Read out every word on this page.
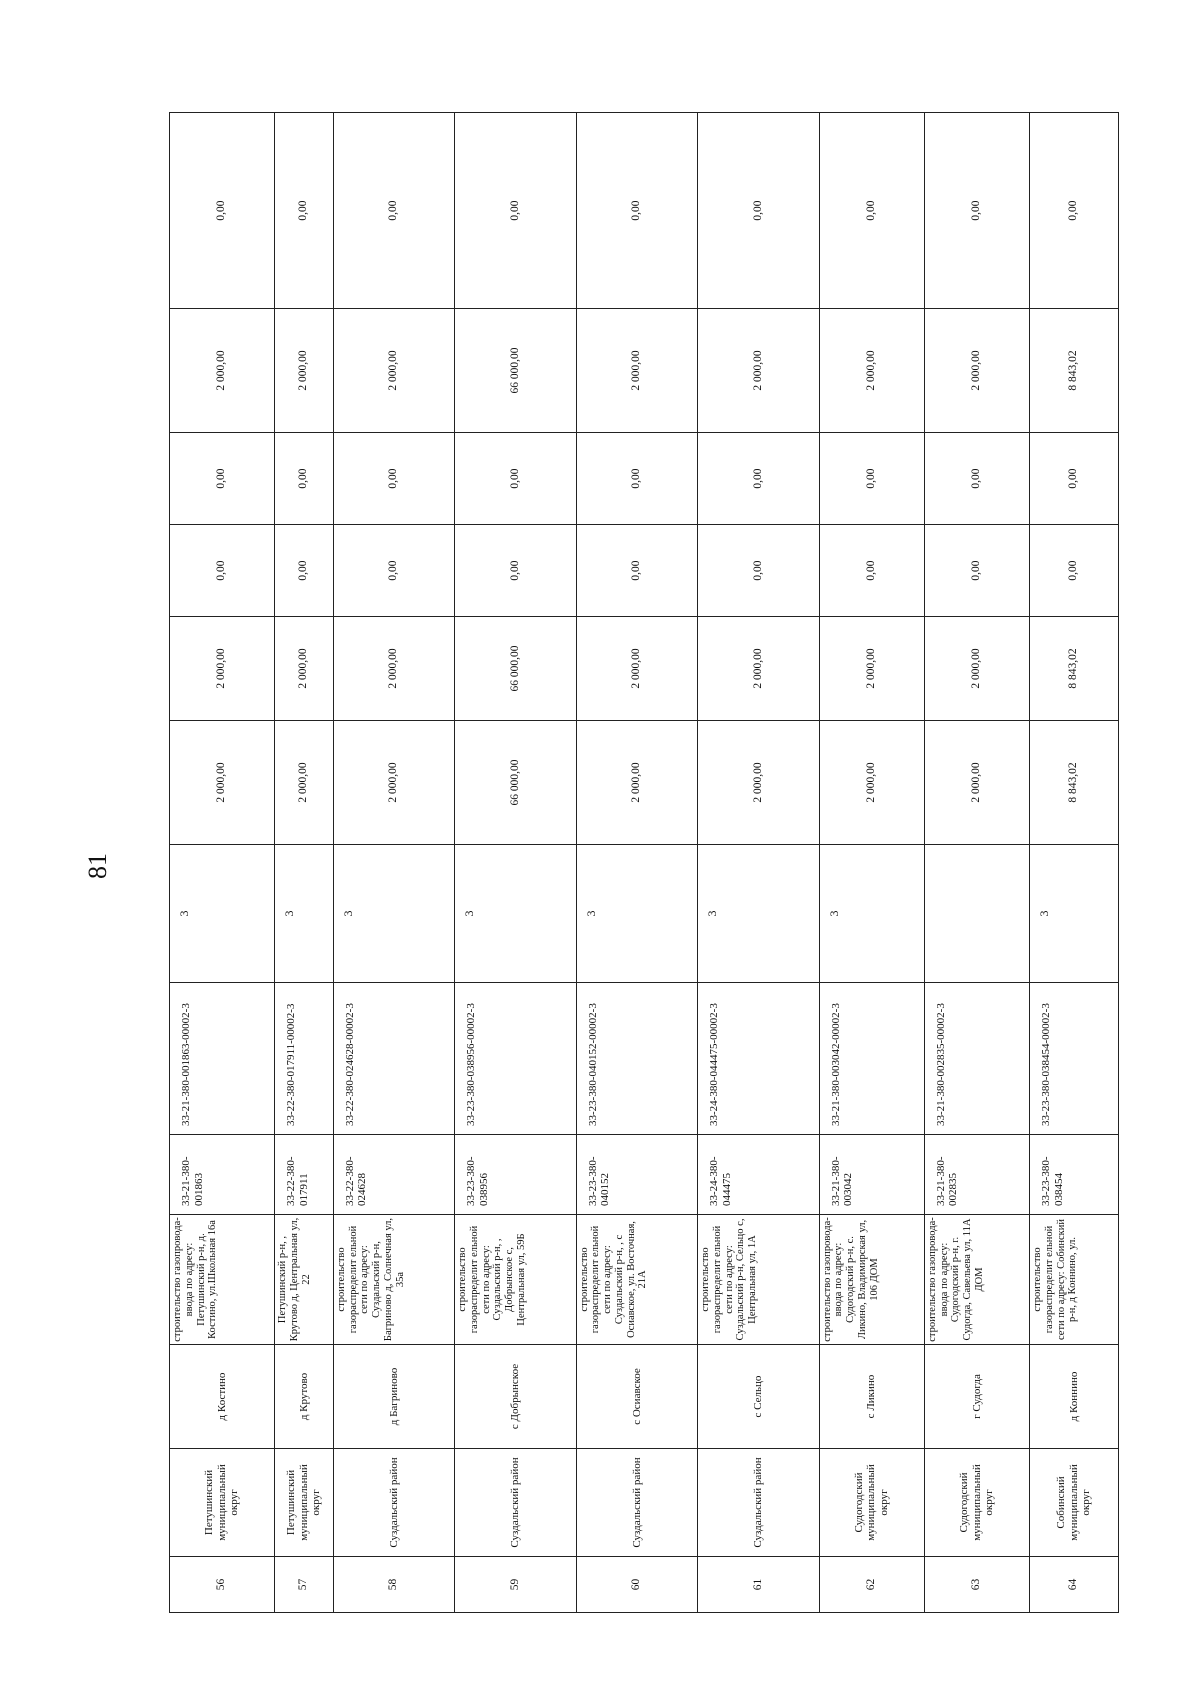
81
56	Петушинский муниципальный округ	д Костино	строительство газопровода-ввода по адресу: Петушинский р-н, д. Костино, ул.Школьная 16а	33-21-380-001863	33-21-380-001863-00002-3	3	2 000,00	2 000,00	0,00	0,00	2 000,00	0,00
57	Петушинский муниципальный округ	д Крутово	Петушинский р-н, , Крутово д, Центральная ул, 22	33-22-380-017911	33-22-380-017911-00002-3	3	2 000,00	2 000,00	0,00	0,00	2 000,00	0,00
58	Суздальский район	д Багриново	строительство газораспределит ельной сети по адресу: Суздальский р-н, Багриново д, Солнечная ул, 35а	33-22-380-024628	33-22-380-024628-00002-3	3	2 000,00	2 000,00	0,00	0,00	2 000,00	0,00
59	Суздальский район	с Добрынское	строительство газораспределит ельной сети по адресу: Суздальский р-н, , Добрынское с, Центральная ул, 59Б	33-23-380-038956	33-23-380-038956-00002-3	3	66 000,00	66 000,00	0,00	0,00	66 000,00	0,00
60	Суздальский район	с Осиавское	строительство газораспределит ельной сети по адресу: Суздальский р-н, , с Осиавское, ул. Восточная, 21А	33-23-380-040152	33-23-380-040152-00002-3	3	2 000,00	2 000,00	0,00	0,00	2 000,00	0,00
61	Суздальский район	с Сельцо	строительство газораспределит ельной сети по адресу: Суздальский р-н, Сельцо с, Центральная ул, 1А	33-24-380-044475	33-24-380-044475-00002-3	3	2 000,00	2 000,00	0,00	0,00	2 000,00	0,00
62	Судогодский муниципальный округ	с Ликино	строительство газопровода-ввода по адресу: Судогодский р-н, с. Ликино, Владимирская ул, 106 ДОМ	33-21-380-003042	33-21-380-003042-00002-3	3	2 000,00	2 000,00	0,00	0,00	2 000,00	0,00
63	Судогодский муниципальный округ	г Судогда	строительство газопровода-ввода по адресу: Судогодский р-н, г. Судогда, Савельева ул, 11А ДОМ	33-21-380-002835	33-21-380-002835-00002-3		2 000,00	2 000,00	0,00	0,00	2 000,00	0,00
64	Собинский муниципальный округ	д Коннино	строительство газораспределит ельной сети по адресу: Собинский р-н, д Коннино, ул.	33-23-380-038454	33-23-380-038454-00002-3	3	8 843,02	8 843,02	0,00	0,00	8 843,02	0,00
